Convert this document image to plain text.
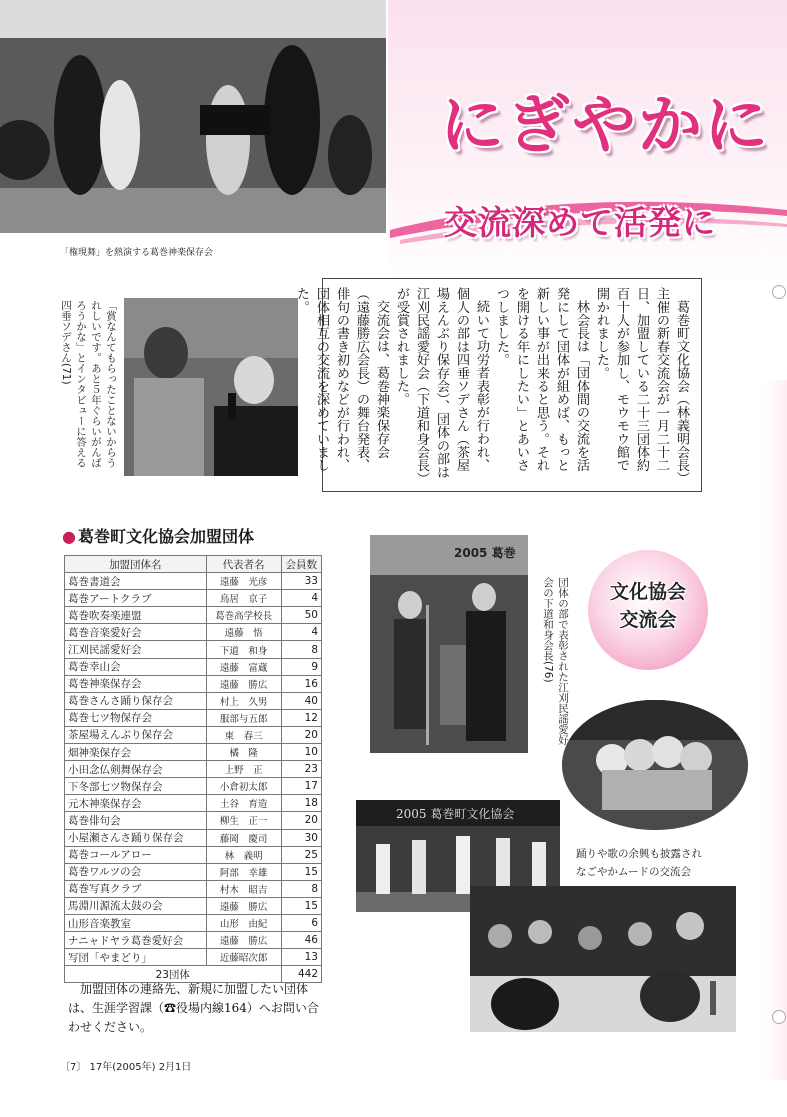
にぎやかに
交流深めて活発に
「権現舞」を熱演する葛巻神楽保存会
「賞なんてもらったことないからうれしいです。あと５年ぐらいがんばろうかな」とインタビューに答える四垂ソデさん(71)	葛巻町文化協会（林義明会長）主催の新春交流会が一月二十二日、加盟している二十三団体約百十人が参加し、モウモウ館で開かれました。

林会長は「団体間の交流を活発にして団体が組めば、もっと新しい事が出来ると思う。それを開ける年にしたい」とあいさつしました。

続いて功労者表彰が行われ、個人の部は四垂ソデさん（茶屋場えんぶり保存会）、団体の部は江刈民謡愛好会（下道和身会長）が受賞されました。

交流会は、葛巻神楽保存会（遠藤勝広会長）の舞台発表、俳句の書き初めなどが行われ、団体相互の交流を深めていました。

● 葛巻町文化協会加盟団体
加盟団体名	代表者名	会員数
葛巻書道会	遠藤　光彦	33
葛巻アートクラブ	鳥居　京子	4
葛巻吹奏楽連盟	葛巻高学校長	50
葛巻音楽愛好会	遠藤　悟	4
江刈民謡愛好会	下道　和身	8
葛巻幸山会	遠藤　富蔵	9
葛巻神楽保存会	遠藤　勝広	16
葛巻さんさ踊り保存会	村上　久男	40
葛巻七ツ物保存会	服部与五郎	12
茶屋場えんぶり保存会	東　春三	20
畑神楽保存会	橘　隆	10
小田念仏剣舞保存会	上野　正	23
下冬部七ツ物保存会	小倉初太郎	17
元木神楽保存会	土谷　育造	18
葛巻俳句会	柳生　正一	20
小屋瀬さんさ踊り保存会	藤岡　慶司	30
葛巻コールアロー	林　義明	25
葛巻ワルツの会	阿部　幸雄	15
葛巻写真クラブ	村木　昭吉	8
馬淵川源流太鼓の会	遠藤　勝広	15
山形音楽教室	山形　由紀	6
ナニャドヤラ葛巻愛好会	遠藤　勝広	46
写団「やまどり」	近藤昭次郎	13
23団体		442
加盟団体の連絡先、新規に加盟したい団体は、生涯学習課（☎役場内線164）へお問い合わせください。
2005 葛巻
団体の部で表彰された江刈民謡愛好会の下道和身会長(76)	文化協会
交流会
2005 葛巻町文化協会
踊りや歌の余興も披露され
なごやかムードの交流会
〔7〕 17年(2005年) 2月1日
